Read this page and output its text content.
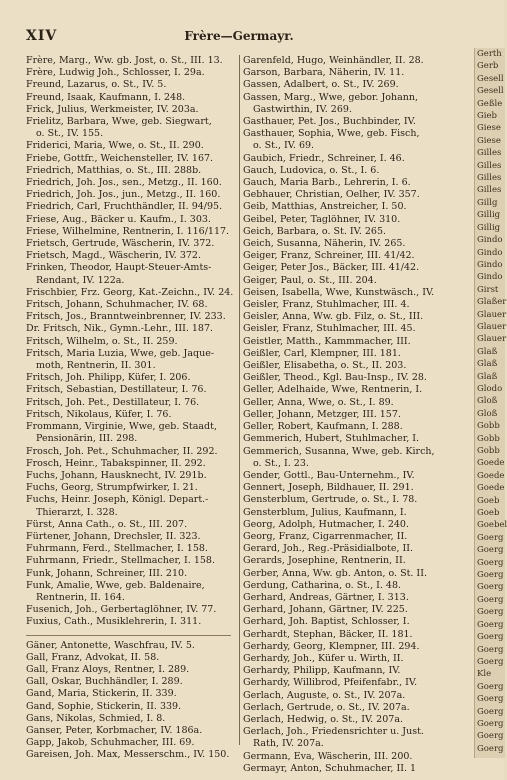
XIV	Frère—Germayr.
Frère, Marg., Ww. gb. Jost, o. St., III. 13.
Frère, Ludwig Joh., Schlosser, I. 29a.
Freund, Lazarus, o. St., IV. 5.
Freund, Isaak, Kaufmann, I. 248.
Frick, Julius, Werkmeister, IV. 203a.
Frielitz, Barbara, Wwe, geb. Siegwart,
o. St., IV. 155.
Friderici, Maria, Wwe, o. St., II. 290.
Friebe, Gottfr., Weichensteller, IV. 167.
Friedrich, Matthias, o. St., III. 288b.
Friedrich, Joh. Jos., sen., Metzg., II. 160.
Friedrich, Joh. Jos., jun., Metzg., II. 160.
Friedrich, Carl, Fruchthändler, II. 94/95.
Friese, Aug., Bäcker u. Kaufm., I. 303.
Friese, Wilhelmine, Rentnerin, I. 116/117.
Frietsch, Gertrude, Wäscherin, IV. 372.
Frietsch, Magd., Wäscherin, IV. 372.
Frinken, Theodor, Haupt-Steuer-Amts-
Rendant, IV. 122a.
Frischbier, Frz. Georg, Kat.-Zeichn., IV. 24.
Fritsch, Johann, Schuhmacher, IV. 68.
Fritsch, Jos., Branntweinbrenner, IV. 233.
Dr. Fritsch, Nik., Gymn.-Lehr., III. 187.
Fritsch, Wilhelm, o. St., II. 259.
Fritsch, Maria Luzia, Wwe, geb. Jaque-
moth, Rentnerin, II. 301.
Fritsch, Joh. Philipp, Küfer, I. 206.
Fritsch, Sebastian, Destillateur, I. 76.
Fritsch, Joh. Pet., Destillateur, I. 76.
Fritsch, Nikolaus, Küfer, I. 76.
Frommann, Virginie, Wwe, geb. Staadt,
Pensionärin, III. 298.
Frosch, Joh. Pet., Schuhmacher, II. 292.
Frosch, Heinr., Tabakspinner, II. 292.
Fuchs, Johann, Hausknecht, IV. 291b.
Fuchs, Georg, Strumpfwirker, I. 21.
Fuchs, Heinr. Joseph, Königl. Depart.-
Thierarzt, I. 328.
Fürst, Anna Cath., o. St., III. 207.
Fürtener, Johann, Drechsler, II. 323.
Fuhrmann, Ferd., Stellmacher, I. 158.
Fuhrmann, Friedr., Stellmacher, I. 158.
Funk, Johann, Schreiner, III. 210.
Funk, Amalie, Wwe, geb. Baldenaire,
Rentnerin, II. 164.
Fusenich, Joh., Gerbertaglöhner, IV. 77.
Fuxius, Cath., Musiklehrerin, I. 311.
Gäner, Antonette, Waschfrau, IV. 5.
Gall, Franz, Advokat, II. 58.
Gall, Franz Aloys, Rentner, I. 289.
Gall, Oskar, Buchhändler, I. 289.
Gand, Maria, Stickerin, II. 339.
Gand, Sophie, Stickerin, II. 339.
Gans, Nikolas, Schmied, I. 8.
Ganser, Peter, Korbmacher, IV. 186a.
Gapp, Jakob, Schuhmacher, III. 69.
Gareisen, Joh. Max, Messerschm., IV. 150.
Garenfeld, Hugo, Weinhändler, II. 28.
Garson, Barbara, Näherin, IV. 11.
Gassen, Adalbert, o. St., IV. 269.
Gassen, Marg., Wwe, gebor. Johann,
Gastwirthin, IV. 269.
Gasthauer, Pet. Jos., Buchbinder, IV.
Gasthauer, Sophia, Wwe, geb. Fisch,
o. St., IV. 69.
Gaubich, Friedr., Schreiner, I. 46.
Gauch, Ludovica, o. St., I. 6.
Gauch, Maria Barb., Lehrerin, I. 6.
Gebhauer, Christian, Oelher, IV. 357.
Geib, Matthias, Anstreicher, I. 50.
Geibel, Peter, Taglöhner, IV. 310.
Geich, Barbara, o. St. IV. 265.
Geich, Susanna, Näherin, IV. 265.
Geiger, Franz, Schreiner, III. 41/42.
Geiger, Peter Jos., Bäcker, III. 41/42.
Geiger, Paul, o. St., III. 204.
Geisen, Isabella, Wwe, Kunstwäsch., IV.
Geisler, Franz, Stuhlmacher, III. 4.
Geisler, Anna, Ww. gb. Filz, o. St., III.
Geisler, Franz, Stuhlmacher, III. 45.
Geistler, Matth., Kammmacher, III.
Geißler, Carl, Klempner, III. 181.
Geißler, Elisabetha, o. St., II. 203.
Geißler, Theod., Kgl. Bau-Insp., IV. 28.
Geller, Adelhaide, Wwe, Rentnerin, I.
Geller, Anna, Wwe, o. St., I. 89.
Geller, Johann, Metzger, III. 157.
Geller, Robert, Kaufmann, I. 288.
Gemmerich, Hubert, Stuhlmacher, I.
Gemmerich, Susanna, Wwe, geb. Kirch,
o. St., I. 23.
Gender, Gottl., Bau-Unternehm., IV.
Gennert, Joseph, Bildhauer, II. 291.
Gensterblum, Gertrude, o. St., I. 78.
Gensterblum, Julius, Kaufmann, I.
Georg, Adolph, Hutmacher, I. 240.
Georg, Franz, Cigarrenmacher, II.
Gerard, Joh., Reg.-Präsidialbote, II.
Gerards, Josephine, Rentnerin, II.
Gerber, Anna, Ww. gb. Anton, o. St. II.
Gerdung, Catharina, o. St., I. 48.
Gerhard, Andreas, Gärtner, I. 313.
Gerhard, Johann, Gärtner, IV. 225.
Gerhard, Joh. Baptist, Schlosser, I.
Gerhardt, Stephan, Bäcker, II. 181.
Gerhardy, Georg, Klempner, III. 294.
Gerhardy, Joh., Küfer u. Wirth, II.
Gerhardy, Philipp, Kaufmann, IV.
Gerhardy, Willibrod, Pfeifenfabr., IV.
Gerlach, Auguste, o. St., IV. 207a.
Gerlach, Gertrude, o. St., IV. 207a.
Gerlach, Hedwig, o. St., IV. 207a.
Gerlach, Joh., Friedensrichter u. Just.
Rath, IV. 207a.
Germann, Eva, Wäscherin, III. 200.
Germayr, Anton, Schuhmacher, II. 1
Gerth
Gerb
Gesell
Gesell
Geßle
Gieb
Giese
Giese
Gilles
Gilles
Gilles
Gilles
Gillg
Gillig
Gillig
Gindo
Gindo
Gindo
Gindo
Girst
Glaßer
Glauer
Glauer
Glauer
Glaß
Glaß
Glaß
Glodo
Gloß
Gloß
Gobb
Gobb
Gobb
Goede
Goede
Goede
Goeb
Goeb
Goebel
Goerg
Goerg
Goerg
Goerg
Goerg
Goerg
Goerg
Goerg
Goerg
Goerg
Goerg
Kle
Goerg
Goerg
Goerg
Goerg
Goerg
Goerg
